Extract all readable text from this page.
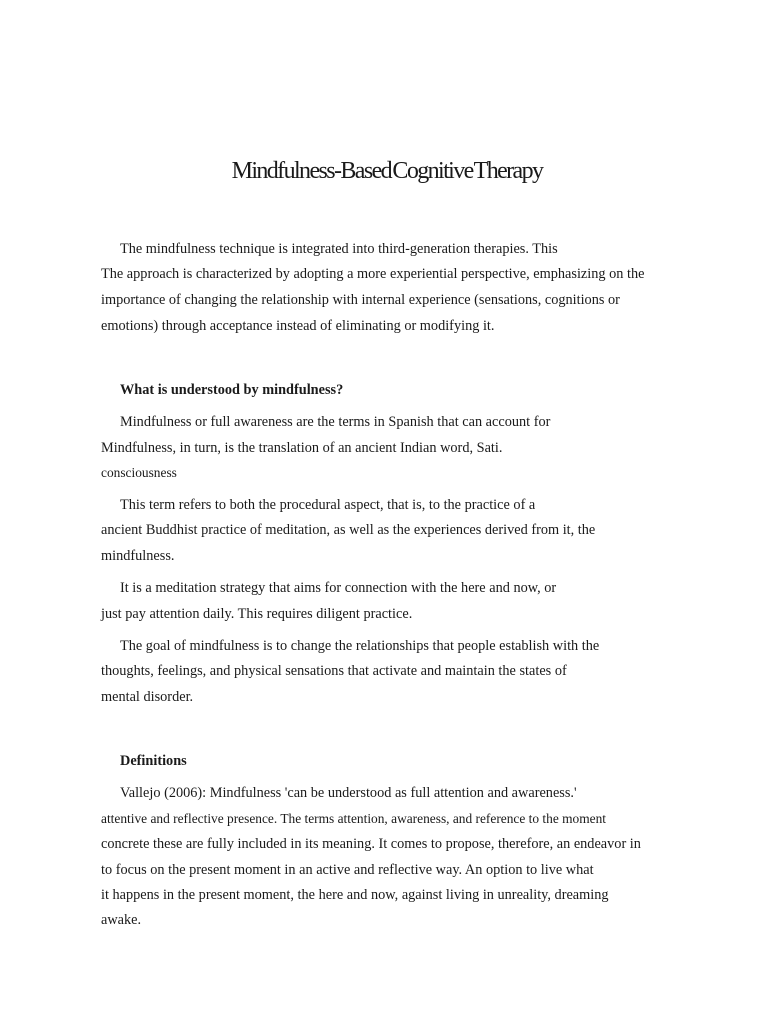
Mindfulness-Based Cognitive Therapy
The mindfulness technique is integrated into third-generation therapies. This
The approach is characterized by adopting a more experiential perspective, emphasizing on the
importance of changing the relationship with internal experience (sensations, cognitions or
emotions) through acceptance instead of eliminating or modifying it.
What is understood by mindfulness?
Mindfulness or full awareness are the terms in Spanish that can account for
Mindfulness, in turn, is the translation of an ancient Indian word, Sati.
consciousness
This term refers to both the procedural aspect, that is, to the practice of a
ancient Buddhist practice of meditation, as well as the experiences derived from it, the
mindfulness.
It is a meditation strategy that aims for connection with the here and now, or
just pay attention daily. This requires diligent practice.
The goal of mindfulness is to change the relationships that people establish with the
thoughts, feelings, and physical sensations that activate and maintain the states of
mental disorder.
Definitions
Vallejo (2006): Mindfulness 'can be understood as full attention and awareness.'
attentive and reflective presence. The terms attention, awareness, and reference to the moment
concrete these are fully included in its meaning. It comes to propose, therefore, an endeavor in
to focus on the present moment in an active and reflective way. An option to live what
it happens in the present moment, the here and now, against living in unreality, dreaming
awake.
